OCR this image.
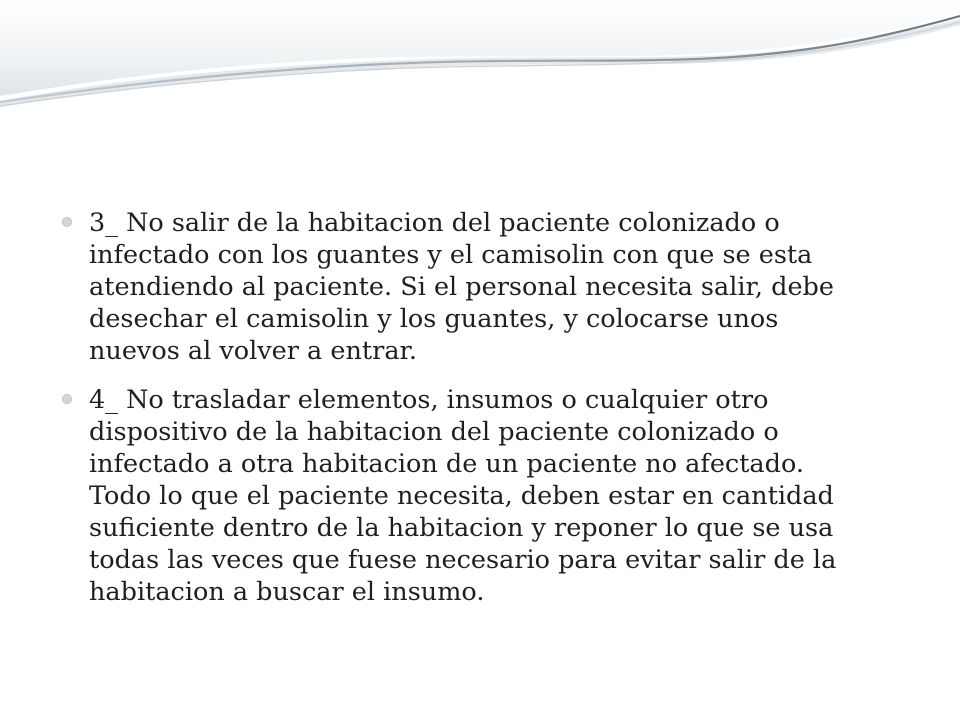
3_ No salir de la habitacion del paciente colonizado o infectado con los guantes y el camisolin con que se esta atendiendo al paciente. Si el personal necesita salir, debe desechar el camisolin y los guantes, y colocarse unos nuevos al volver a entrar.
4_ No trasladar elementos, insumos o cualquier otro dispositivo de la habitacion del paciente colonizado o infectado a otra habitacion de un paciente no afectado. Todo lo que el paciente necesita, deben estar en cantidad suficiente dentro de la habitacion y reponer lo que se usa todas las veces que fuese necesario para evitar salir de la habitacion a buscar el insumo.
